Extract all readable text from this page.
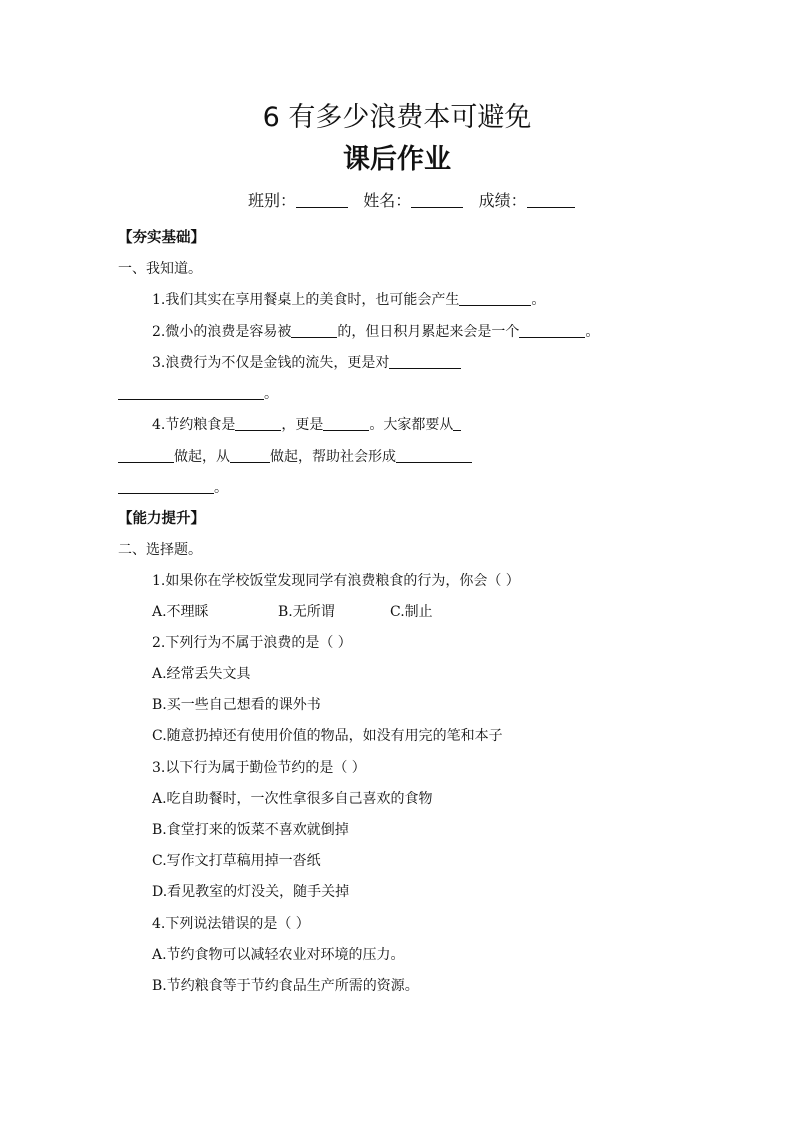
6 有多少浪费本可避免
课后作业
班别：	姓名：	成绩：
【夯实基础】
一、我知道。
1.我们其实在享用餐桌上的美食时，也可能会产生	。
2.微小的浪费是容易被	的，但日积月累起来会是一个	。
3.浪费行为不仅是金钱的流失，更是对
。
4.节约粮食是	，更是	。大家都要从
做起，从	做起，帮助社会形成
。
【能力提升】
二、选择题。
1.如果你在学校饭堂发现同学有浪费粮食的行为，你会（ ）
A.不理睬	B.无所谓	C.制止
2.下列行为不属于浪费的是（ ）
A.经常丢失文具
B.买一些自己想看的课外书
C.随意扔掉还有使用价值的物品，如没有用完的笔和本子
3.以下行为属于勤俭节约的是（ ）
A.吃自助餐时，一次性拿很多自己喜欢的食物
B.食堂打来的饭菜不喜欢就倒掉
C.写作文打草稿用掉一沓纸
D.看见教室的灯没关，随手关掉
4.下列说法错误的是（ ）
A.节约食物可以减轻农业对环境的压力。
B.节约粮食等于节约食品生产所需的资源。
